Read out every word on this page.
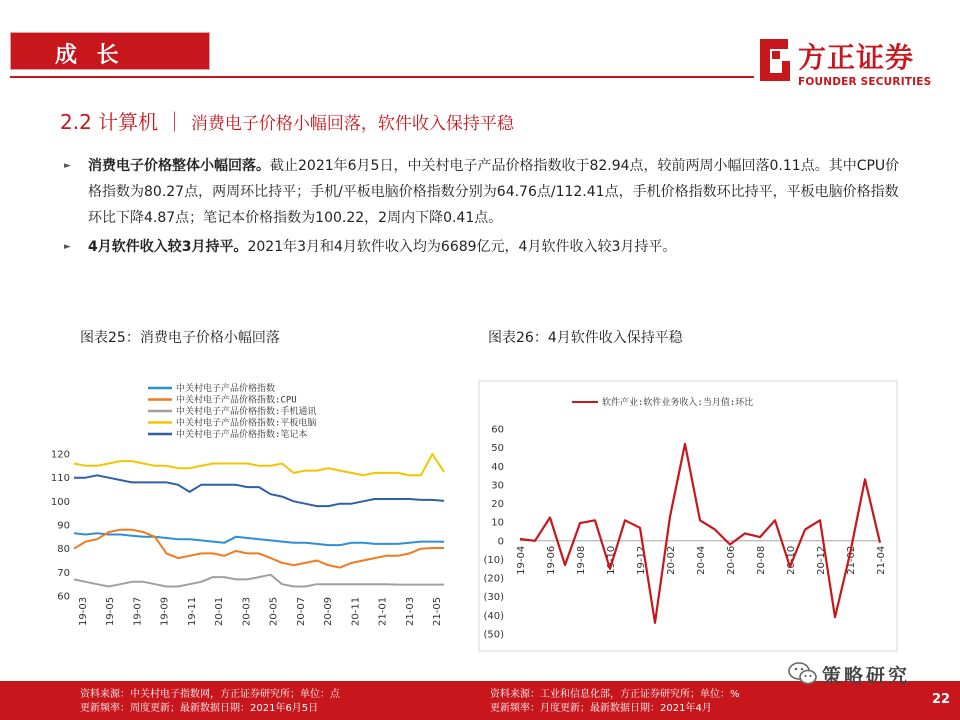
成 长	方正证券
FOUNDER SECURITIES
2.2 计算机 ｜ 消费电子价格小幅回落，软件收入保持平稳
► 消费电子价格整体小幅回落。截止2021年6月5日，中关村电子产品价格指数收于82.94点，较前两周小幅回落0.11点。其中CPU价格指数为80.27点，两周环比持平；手机/平板电脑价格指数分别为64.76点/112.41点，手机价格指数环比持平，平板电脑价格指数环比下降4.87点；笔记本价格指数为100.22，2周内下降0.41点。
► 4月软件收入较3月持平。2021年3月和4月软件收入均为6689亿元，4月软件收入较3月持平。
图表25：消费电子价格小幅回落	图表26：4月软件收入保持平稳
中关村电子产品价格指数
中关村电子产品价格指数:CPU
中关村电子产品价格指数:手机通讯
中关村电子产品价格指数:平板电脑
中关村电子产品价格指数:笔记本
120
110
100
90
80
70
60 19-03 19-05 19-07 19-09 19-11 20-01 20-03 20-05 20-07 20-09 20-11 21-01 21-03 21-05
软件产业:软件业务收入:当月值:环比
60
50
40
30
20
10
0
(10)
(20)
(30)
(40)
(50)
19-04 19-06 19-08 19-10 19-12 20-02 20-04 20-06 20-08 20-10 20-12 21-02 21-04
资料来源：中关村电子指数网，方正证券研究所；单位：点
更新频率：周度更新；最新数据日期：2021年6月5日
资料来源：工业和信息化部，方正证券研究所；单位：%
更新频率：月度更新；最新数据日期：2021年4月
22
策略研究
